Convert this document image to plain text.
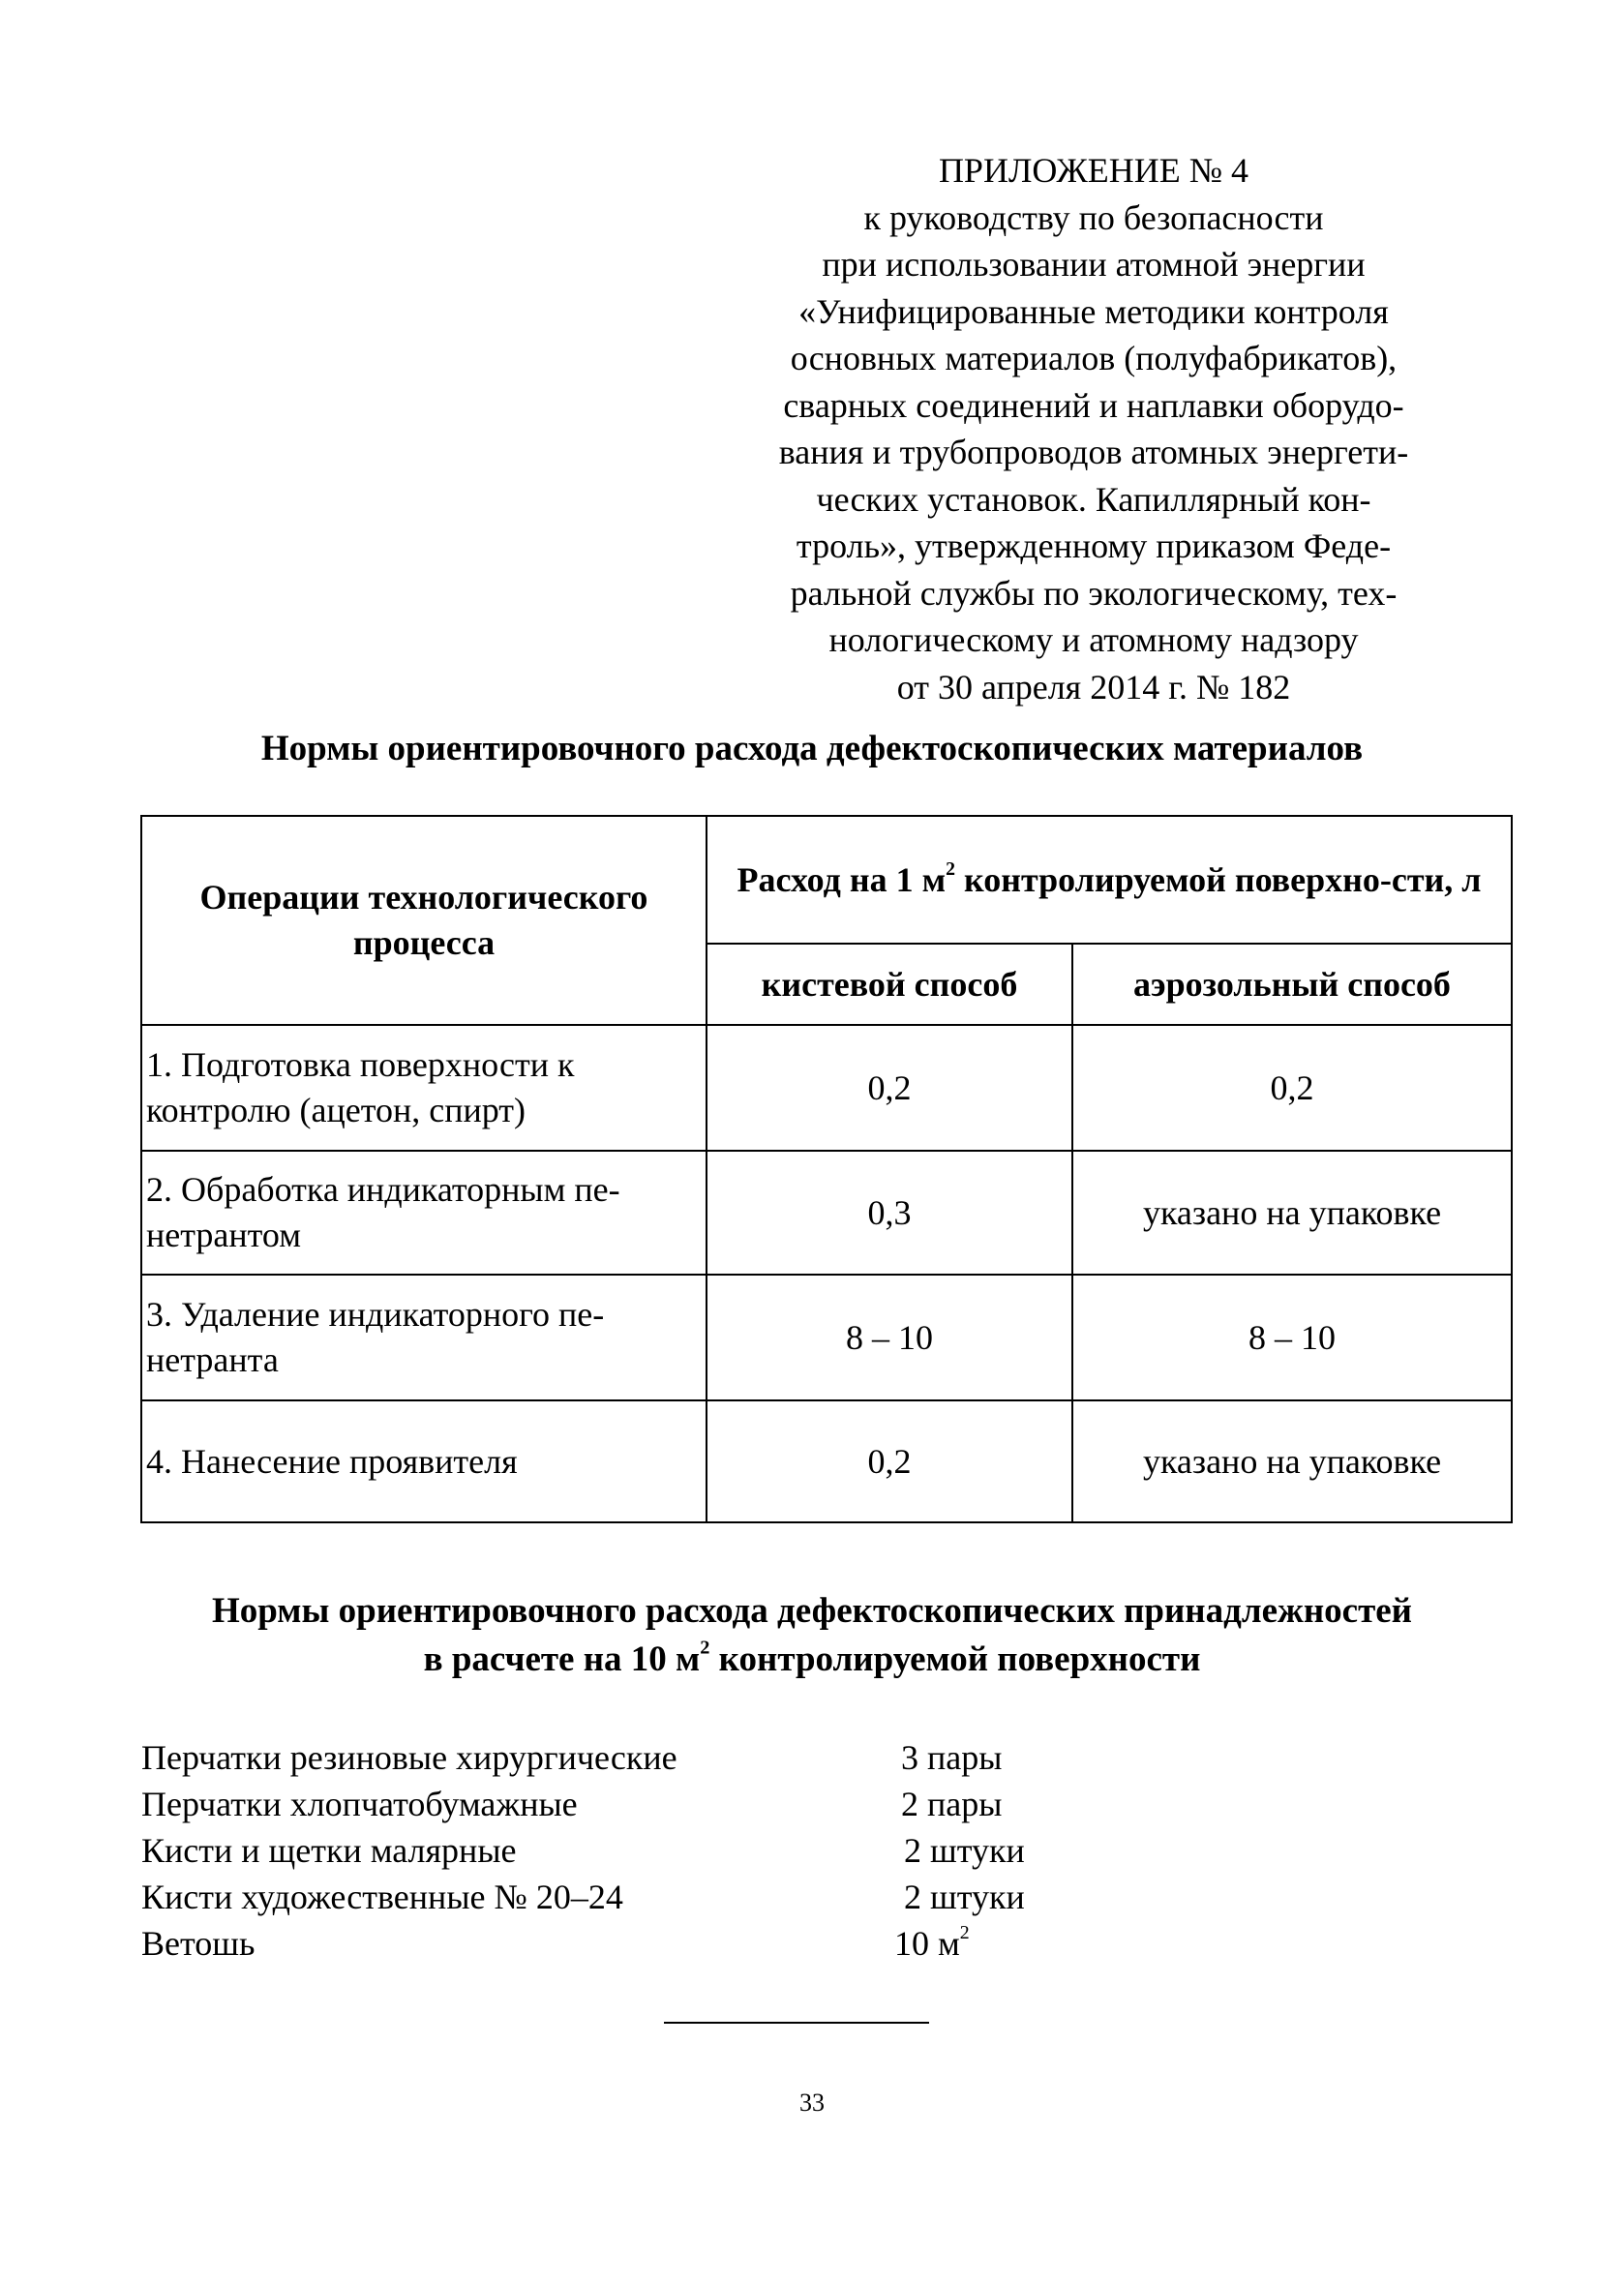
ПРИЛОЖЕНИЕ № 4
к руководству по безопасности
при использовании атомной энергии
«Унифицированные методики контроля
основных материалов (полуфабрикатов),
сварных соединений и наплавки оборудо-
вания и трубопроводов атомных энергети-
ческих установок. Капиллярный кон-
троль», утвержденному приказом Феде-
ральной службы по экологическому, тех-
нологическому и атомному надзору
от 30 апреля 2014 г. № 182
Нормы ориентировочного расхода дефектоскопических материалов
Операции технологического процесса	Расход на 1 $м^2$ контролируемой поверхно-сти, л	
	кистевой способ	аэрозольный способ
1. Подготовка поверхности к контролю (ацетон, спирт)	0,2	0,2
2. Обработка индикаторным пе-нетрантом	0,3	указано на упаковке
3. Удаление индикаторного пе-нетранта	8 – 10	8 – 10
4. Нанесение проявителя	0,2	указано на упаковке
Нормы ориентировочного расхода дефектоскопических принадлежностей
в расчете на 10 $м^2$ контролируемой поверхности
Перчатки резиновые хирургические	3 пары
Перчатки хлопчатобумажные	2 пары
Кисти и щетки малярные	2 штуки
Кисти художественные № 20–24	2 штуки
Ветошь	10 $м^2$
33
